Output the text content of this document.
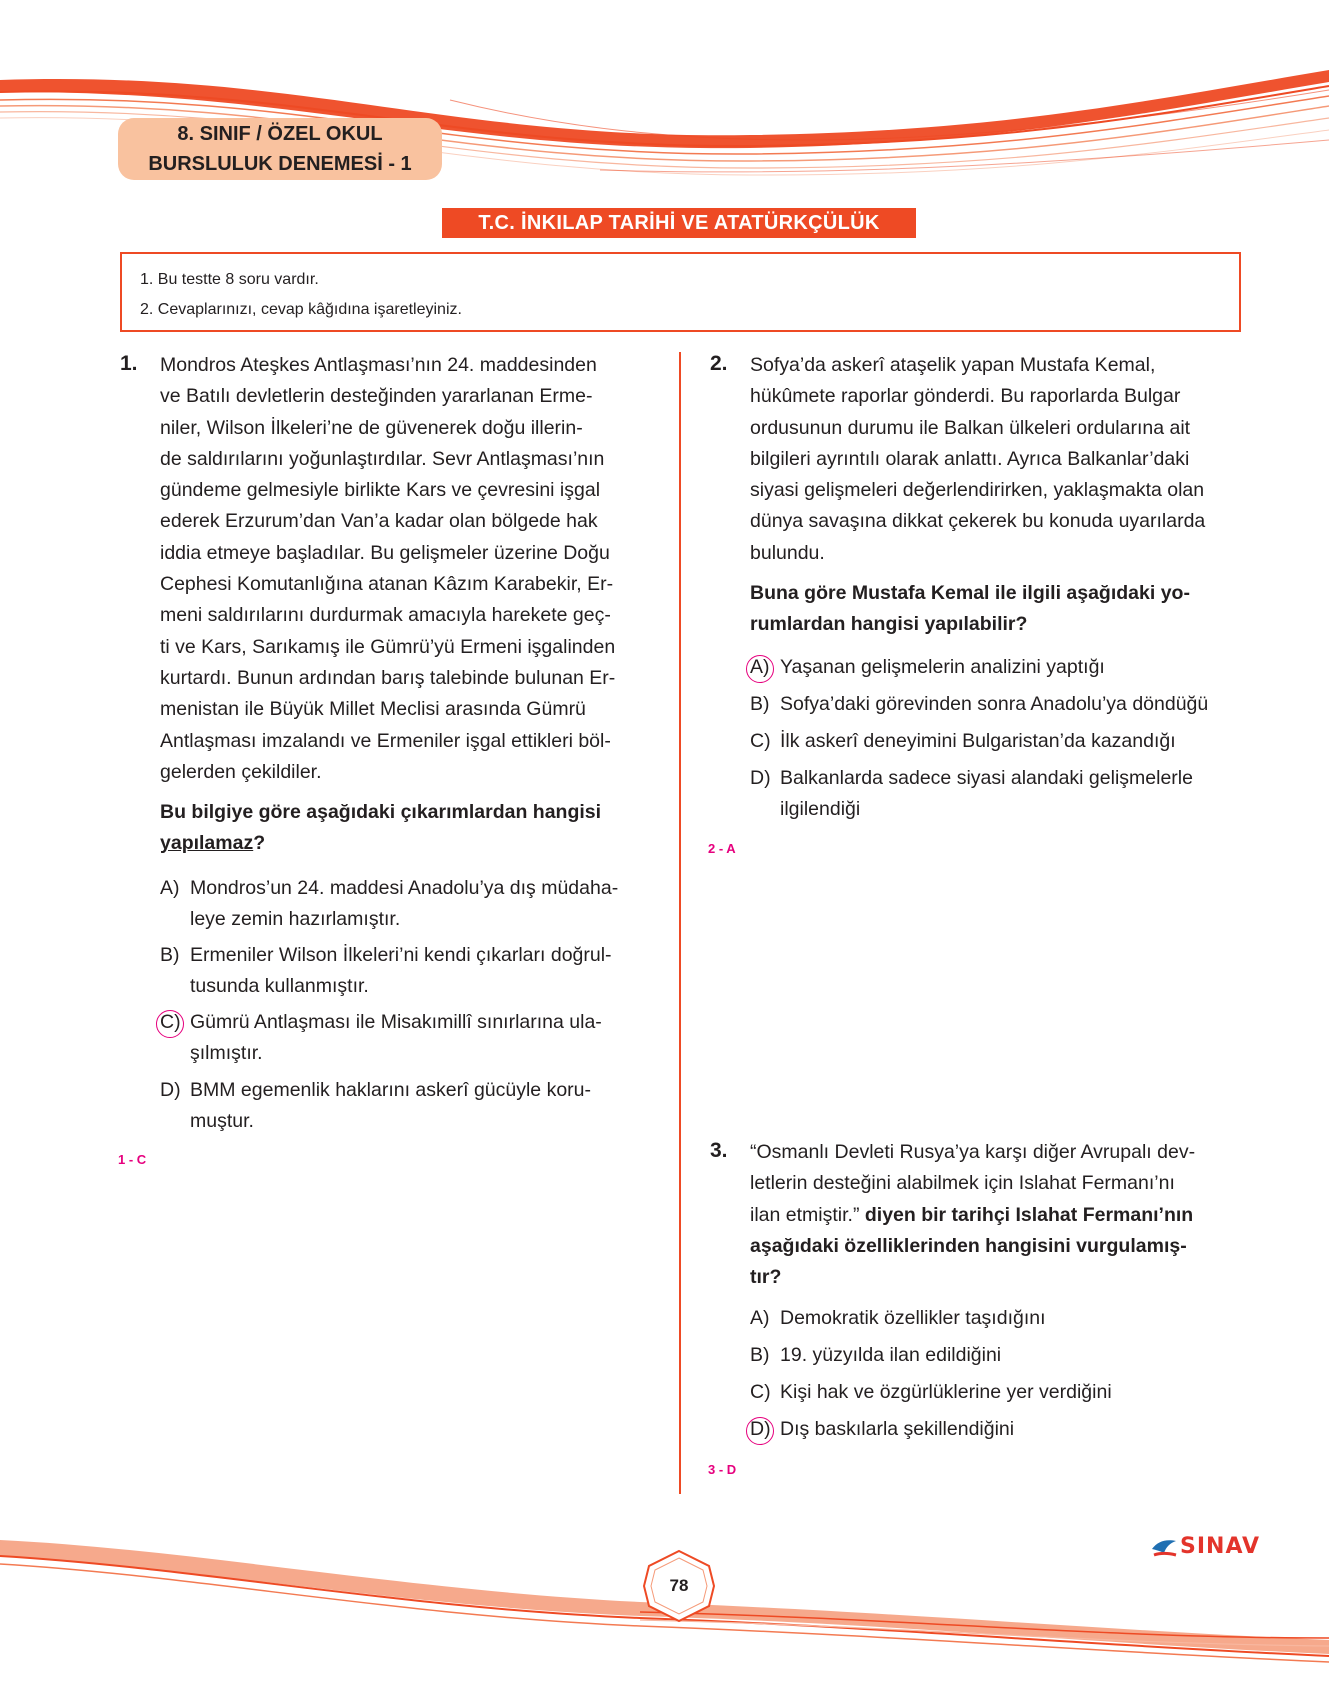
8. SINIF / ÖZEL OKUL
BURSLULUK DENEMESİ - 1
T.C. İNKILAP TARİHİ VE ATATÜRKÇÜLÜK
1. Bu testte 8 soru vardır.
2. Cevaplarınızı, cevap kâğıdına işaretleyiniz.
1. Mondros Ateşkes Antlaşması’nın 24. maddesinden
ve Batılı devletlerin desteğinden yararlanan Erme-
niler, Wilson İlkeleri’ne de güvenerek doğu illerin-
de saldırılarını yoğunlaştırdılar. Sevr Antlaşması’nın
gündeme gelmesiyle birlikte Kars ve çevresini işgal
ederek Erzurum’dan Van’a kadar olan bölgede hak
iddia etmeye başladılar. Bu gelişmeler üzerine Doğu
Cephesi Komutanlığına atanan Kâzım Karabekir, Er-
meni saldırılarını durdurmak amacıyla harekete geç-
ti ve Kars, Sarıkamış ile Gümrü’yü Ermeni işgalinden
kurtardı. Bunun ardından barış talebinde bulunan Er-
menistan ile Büyük Millet Meclisi arasında Gümrü
Antlaşması imzalandı ve Ermeniler işgal ettikleri böl-
gelerden çekildiler.
Bu bilgiye göre aşağıdaki çıkarımlardan hangisi
yapılamaz?
A) Mondros’un 24. maddesi Anadolu’ya dış müdaha-
leye zemin hazırlamıştır.
B) Ermeniler Wilson İlkeleri’ni kendi çıkarları doğrul-
tusunda kullanmıştır.
C) Gümrü Antlaşması ile Misakımillî sınırlarına ula-
şılmıştır.
D) BMM egemenlik haklarını askerî gücüyle koru-
muştur.
1 - C
2. Sofya’da askerî ataşelik yapan Mustafa Kemal,
hükûmete raporlar gönderdi. Bu raporlarda Bulgar
ordusunun durumu ile Balkan ülkeleri ordularına ait
bilgileri ayrıntılı olarak anlattı. Ayrıca Balkanlar’daki
siyasi gelişmeleri değerlendirirken, yaklaşmakta olan
dünya savaşına dikkat çekerek bu konuda uyarılarda
bulundu.
Buna göre Mustafa Kemal ile ilgili aşağıdaki yo-
rumlardan hangisi yapılabilir?
A) Yaşanan gelişmelerin analizini yaptığı
B) Sofya’daki görevinden sonra Anadolu’ya döndüğü
C) İlk askerî deneyimini Bulgaristan’da kazandığı
D) Balkanlarda sadece siyasi alandaki gelişmelerle
ilgilendiği
2 - A
3. “Osmanlı Devleti Rusya’ya karşı diğer Avrupalı dev-
letlerin desteğini alabilmek için Islahat Fermanı’nı
ilan etmiştir.” diyen bir tarihçi Islahat Fermanı’nın
aşağıdaki özelliklerinden hangisini vurgulamış-
tır?
A) Demokratik özellikler taşıdığını
B) 19. yüzyılda ilan edildiğini
C) Kişi hak ve özgürlüklerine yer verdiğini
D) Dış baskılarla şekillendiğini
3 - D
78
SINAV
